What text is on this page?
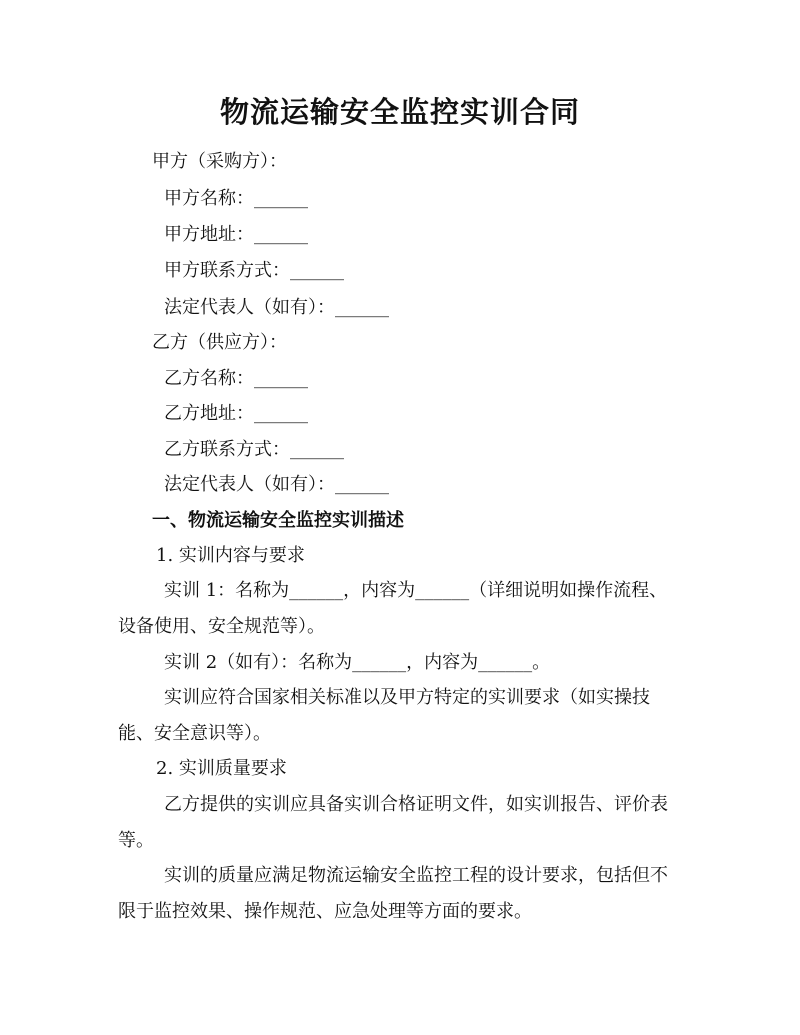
物流运输安全监控实训合同

甲方（采购方）：

甲方名称：______

甲方地址：______

甲方联系方式：______

法定代表人（如有）：______

乙方（供应方）：

乙方名称：______

乙方地址：______

乙方联系方式：______

法定代表人（如有）：______

一、物流运输安全监控实训描述

1. 实训内容与要求

实训 1：名称为______，内容为______（详细说明如操作流程、

设备使用、安全规范等）。

实训 2（如有）：名称为______，内容为______。

实训应符合国家相关标准以及甲方特定的实训要求（如实操技

能、安全意识等）。

2. 实训质量要求

乙方提供的实训应具备实训合格证明文件，如实训报告、评价表

等。

实训的质量应满足物流运输安全监控工程的设计要求，包括但不

限于监控效果、操作规范、应急处理等方面的要求。
